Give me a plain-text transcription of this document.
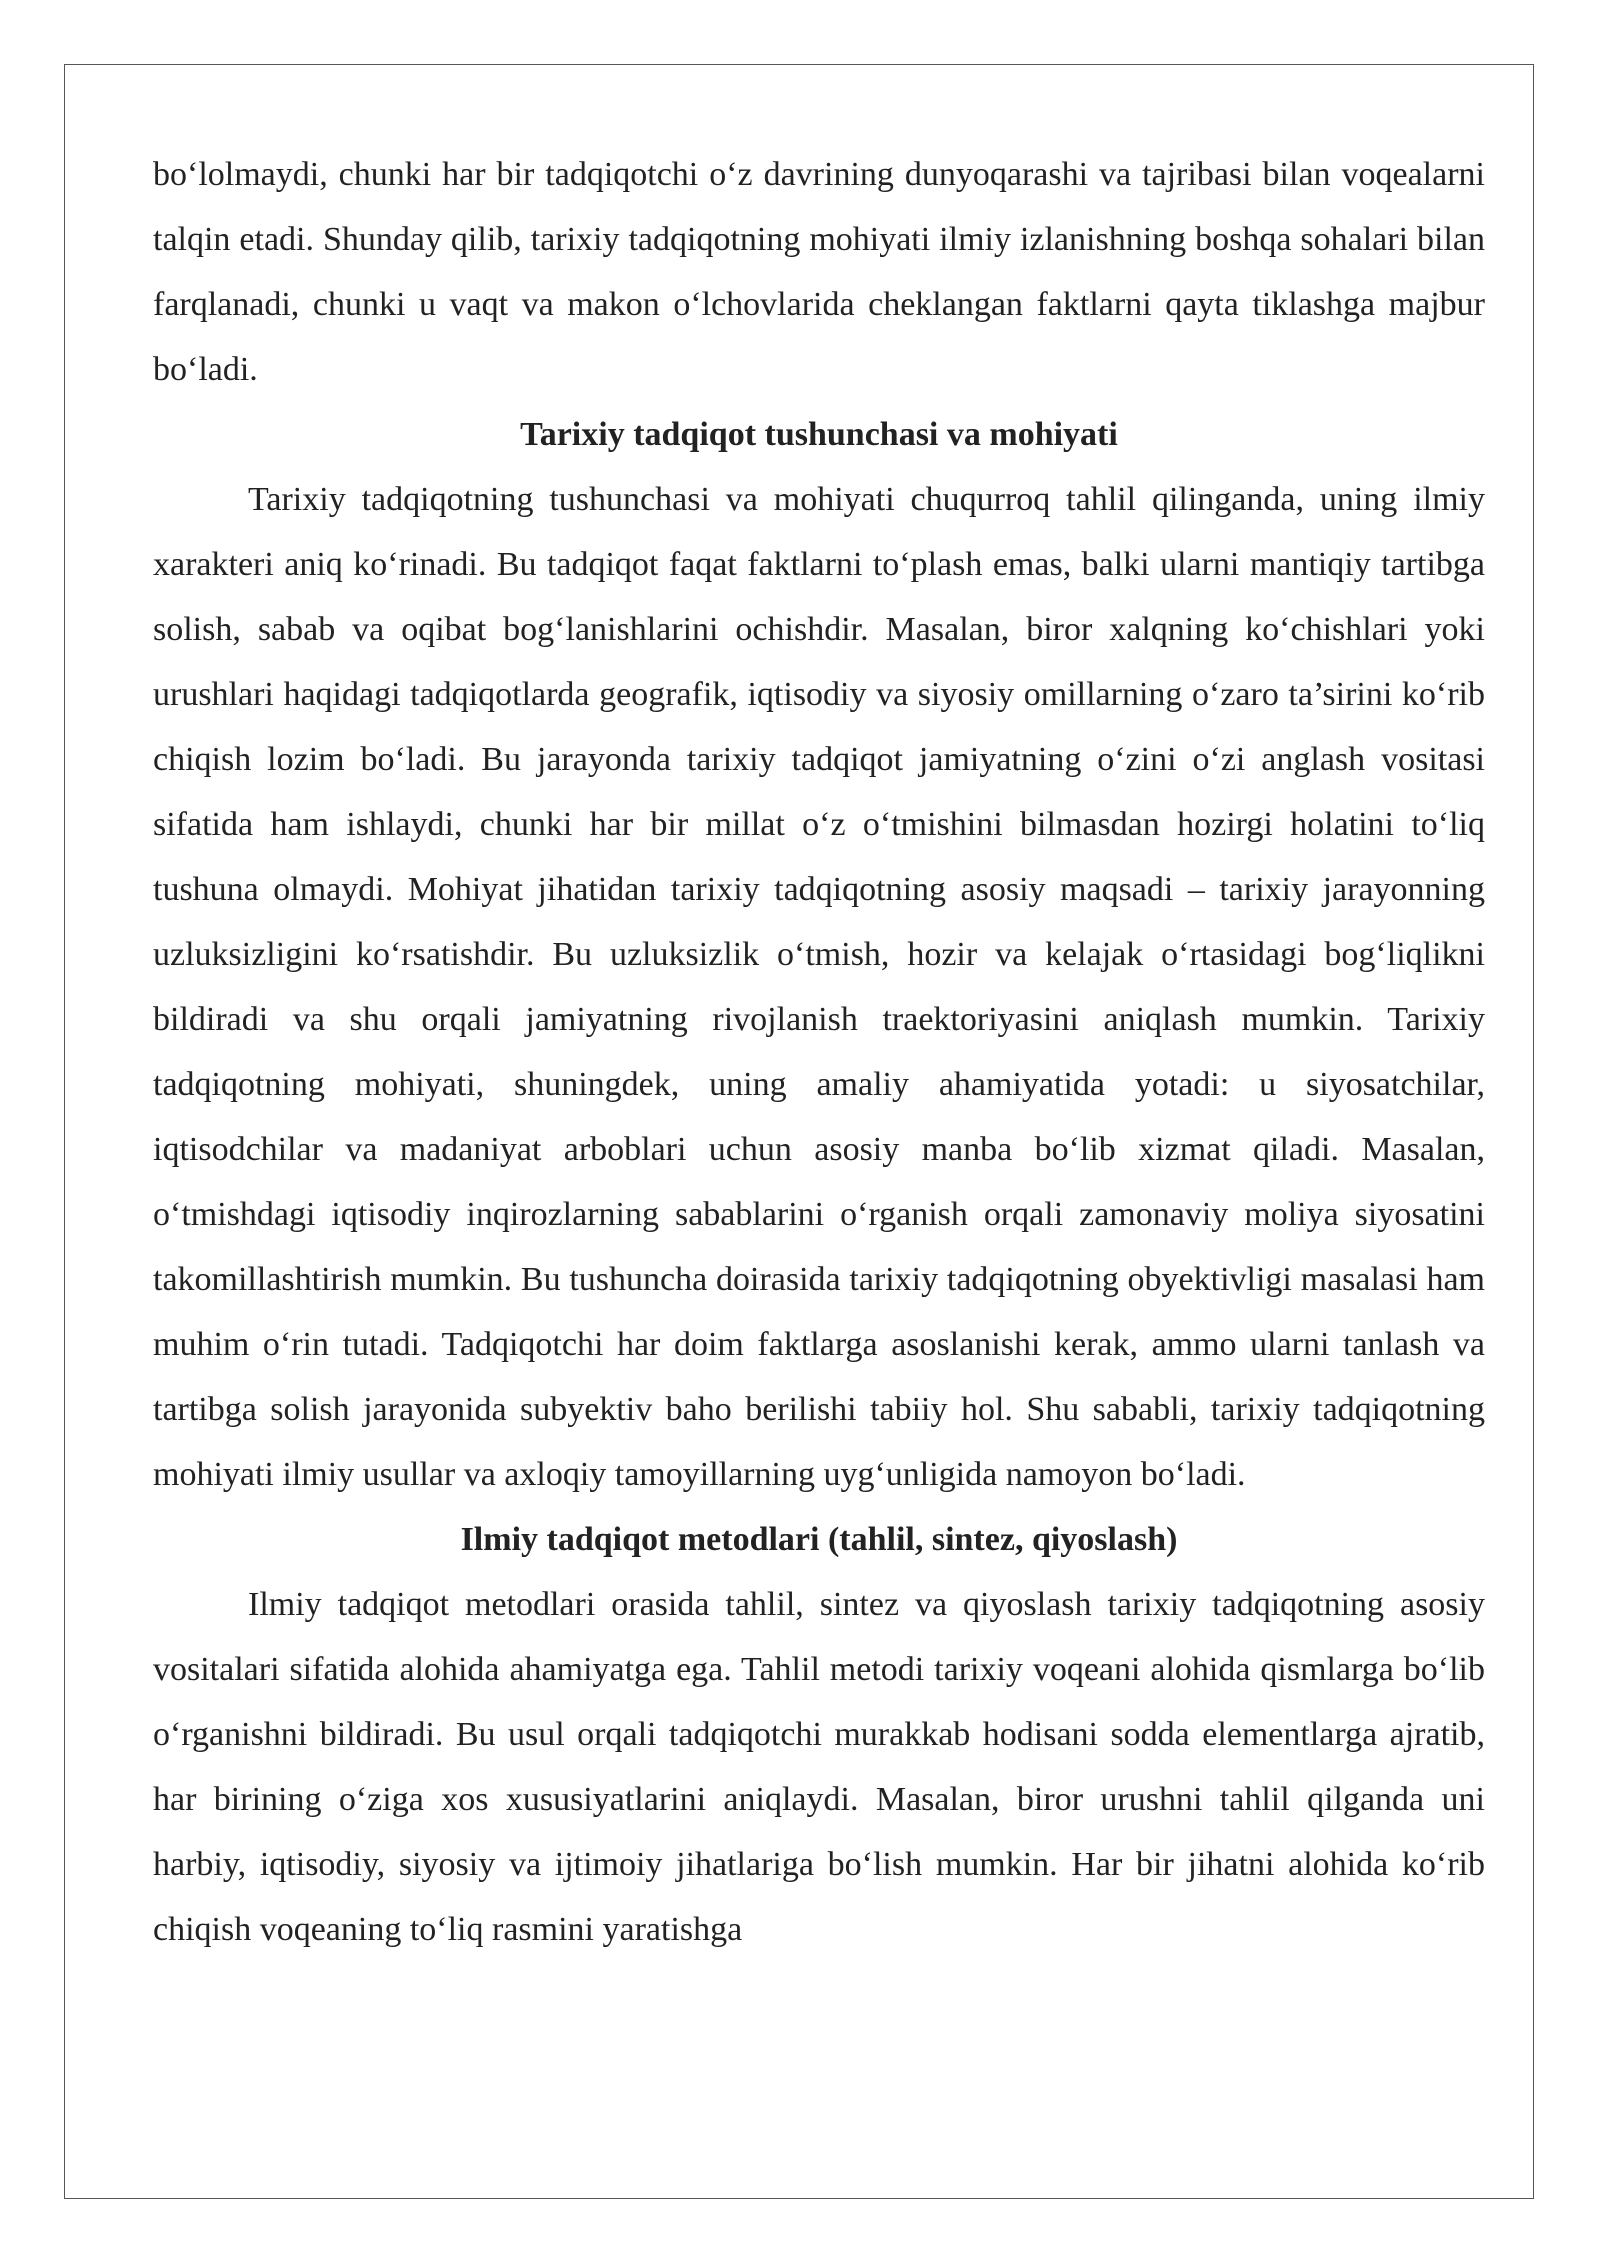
bo‘lolmaydi, chunki har bir tadqiqotchi o‘z davrining dunyoqarashi va tajribasi bilan voqealarni talqin etadi. Shunday qilib, tarixiy tadqiqotning mohiyati ilmiy izlanishning boshqa sohalari bilan farqlanadi, chunki u vaqt va makon o‘lchovlarida cheklangan faktlarni qayta tiklashga majbur bo‘ladi.

Tarixiy tadqiqot tushunchasi va mohiyati

Tarixiy tadqiqotning tushunchasi va mohiyati chuqurroq tahlil qilinganda, uning ilmiy xarakteri aniq ko‘rinadi. Bu tadqiqot faqat faktlarni to‘plash emas, balki ularni mantiqiy tartibga solish, sabab va oqibat bog‘lanishlarini ochishdir. Masalan, biror xalqning ko‘chishlari yoki urushlari haqidagi tadqiqotlarda geografik, iqtisodiy va siyosiy omillarning o‘zaro ta’sirini ko‘rib chiqish lozim bo‘ladi. Bu jarayonda tarixiy tadqiqot jamiyatning o‘zini o‘zi anglash vositasi sifatida ham ishlaydi, chunki har bir millat o‘z o‘tmishini bilmasdan hozirgi holatini to‘liq tushuna olmaydi. Mohiyat jihatidan tarixiy tadqiqotning asosiy maqsadi – tarixiy jarayonning uzluksizligini ko‘rsatishdir. Bu uzluksizlik o‘tmish, hozir va kelajak o‘rtasidagi bog‘liqlikni bildiradi va shu orqali jamiyatning rivojlanish traektoriyasini aniqlash mumkin. Tarixiy tadqiqotning mohiyati, shuningdek, uning amaliy ahamiyatida yotadi: u siyosatchilar, iqtisodchilar va madaniyat arboblari uchun asosiy manba bo‘lib xizmat qiladi. Masalan, o‘tmishdagi iqtisodiy inqirozlarning sabablarini o‘rganish orqali zamonaviy moliya siyosatini takomillashtirish mumkin. Bu tushuncha doirasida tarixiy tadqiqotning obyektivligi masalasi ham muhim o‘rin tutadi. Tadqiqotchi har doim faktlarga asoslanishi kerak, ammo ularni tanlash va tartibga solish jarayonida subyektiv baho berilishi tabiiy hol. Shu sababli, tarixiy tadqiqotning mohiyati ilmiy usullar va axloqiy tamoyillarning uyg‘unligida namoyon bo‘ladi.

Ilmiy tadqiqot metodlari (tahlil, sintez, qiyoslash)

Ilmiy tadqiqot metodlari orasida tahlil, sintez va qiyoslash tarixiy tadqiqotning asosiy vositalari sifatida alohida ahamiyatga ega. Tahlil metodi tarixiy voqeani alohida qismlarga bo‘lib o‘rganishni bildiradi. Bu usul orqali tadqiqotchi murakkab hodisani sodda elementlarga ajratib, har birining o‘ziga xos xususiyatlarini aniqlaydi. Masalan, biror urushni tahlil qilganda uni harbiy, iqtisodiy, siyosiy va ijtimoiy jihatlariga bo‘lish mumkin. Har bir jihatni alohida ko‘rib chiqish voqeaning to‘liq rasmini yaratishga
